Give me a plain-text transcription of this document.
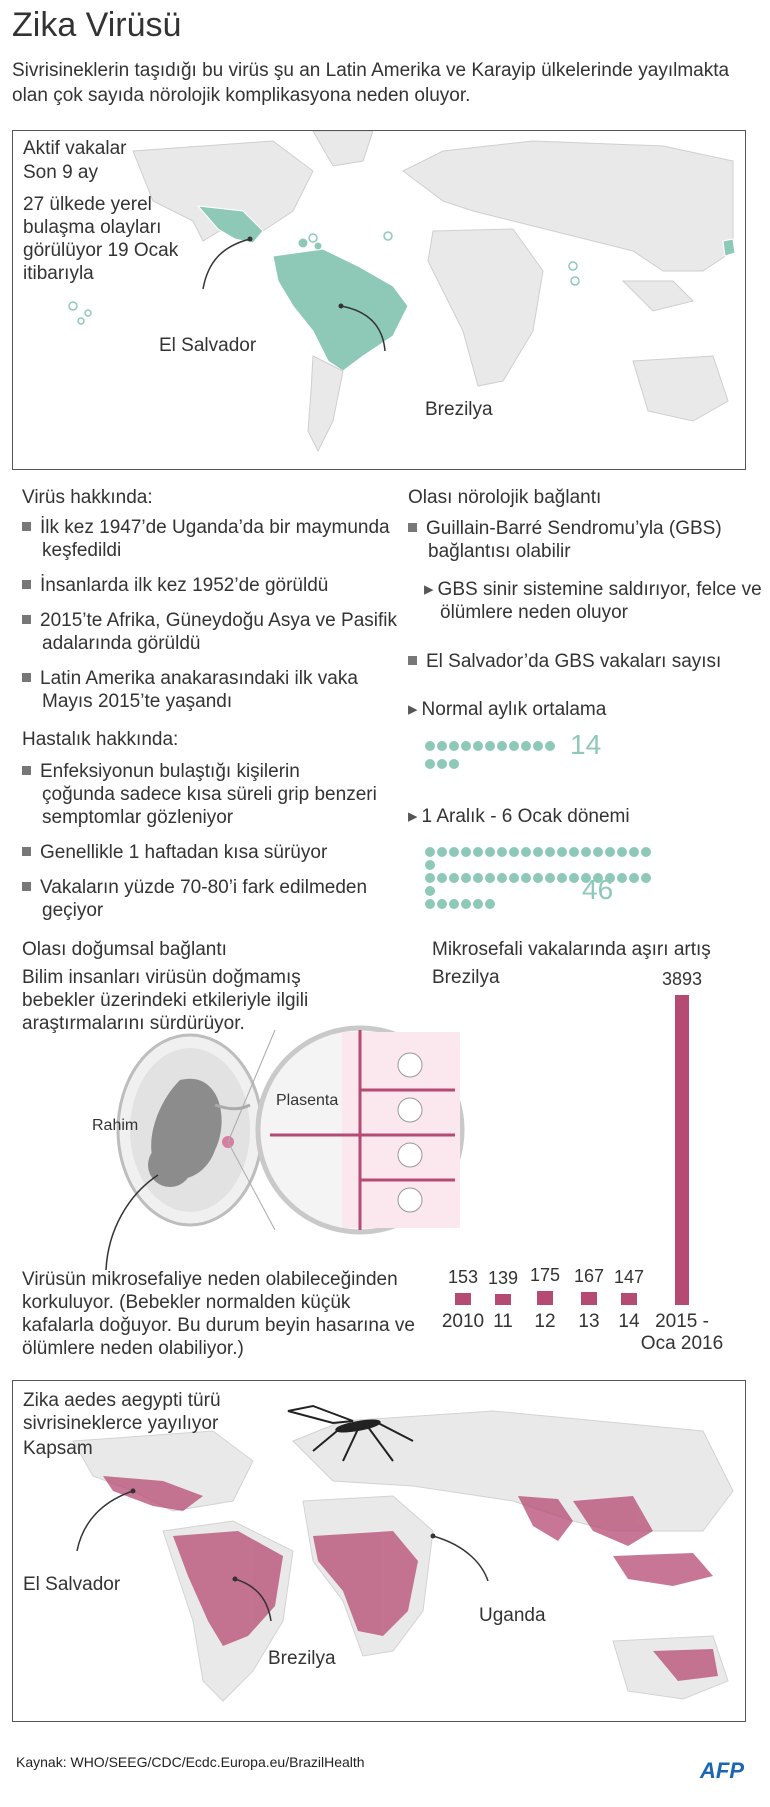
Zika Virüsü
Sivrisineklerin taşıdığı bu virüs şu an Latin Amerika ve Karayip ülkelerinde yayılmakta olan çok sayıda nörolojik komplikasyona neden oluyor.
Aktif vakalar
Son 9 ay
27 ülkede yerel bulaşma olayları görülüyor 19 Ocak itibarıyla
El Salvador
Brezilya
Virüs hakkında:
İlk kez 1947’de Uganda’da bir maymunda keşfedildi
İnsanlarda ilk kez 1952’de görüldü
2015’te Afrika, Güneydoğu Asya ve Pasifik adalarında görüldü
Latin Amerika anakarasındaki ilk vaka Mayıs 2015’te yaşandı
Hastalık hakkında:
Enfeksiyonun bulaştığı kişilerin çoğunda sadece kısa süreli grip benzeri semptomlar gözleniyor
Genellikle 1 haftadan kısa sürüyor
Vakaların yüzde 70-80’i fark edilmeden geçiyor
Olası nörolojik bağlantı
Guillain-Barré Sendromu’yla (GBS) bağlantısı olabilir
▸ GBS sinir sistemine saldırıyor, felce ve ölümlere neden oluyor
El Salvador’da GBS vakaları sayısı
▸ Normal aylık ortalama
14
▸ 1 Aralık - 6 Ocak dönemi

46
Olası doğumsal bağlantı
Bilim insanları virüsün doğmamış bebekler üzerindeki etkileriyle ilgili araştırmalarını sürdürüyor.
Rahim
Plasenta
Virüsün mikrosefaliye neden olabileceğinden korkuluyor. (Bebekler normalden küçük kafalarla doğuyor. Bu durum beyin hasarına ve ölümlere neden olabiliyor.)
Mikrosefali vakalarında aşırı artış
Brezilya
153
2010
139
11
175
12
167
13
147
14
3893
2015 -
Oca 2016
Zika aedes aegypti türü sivrisineklerce yayılıyor
Kapsam
El Salvador
Brezilya
Uganda
Kaynak: WHO/SEEG/CDC/Ecdc.Europa.eu/BrazilHealth	AFP
